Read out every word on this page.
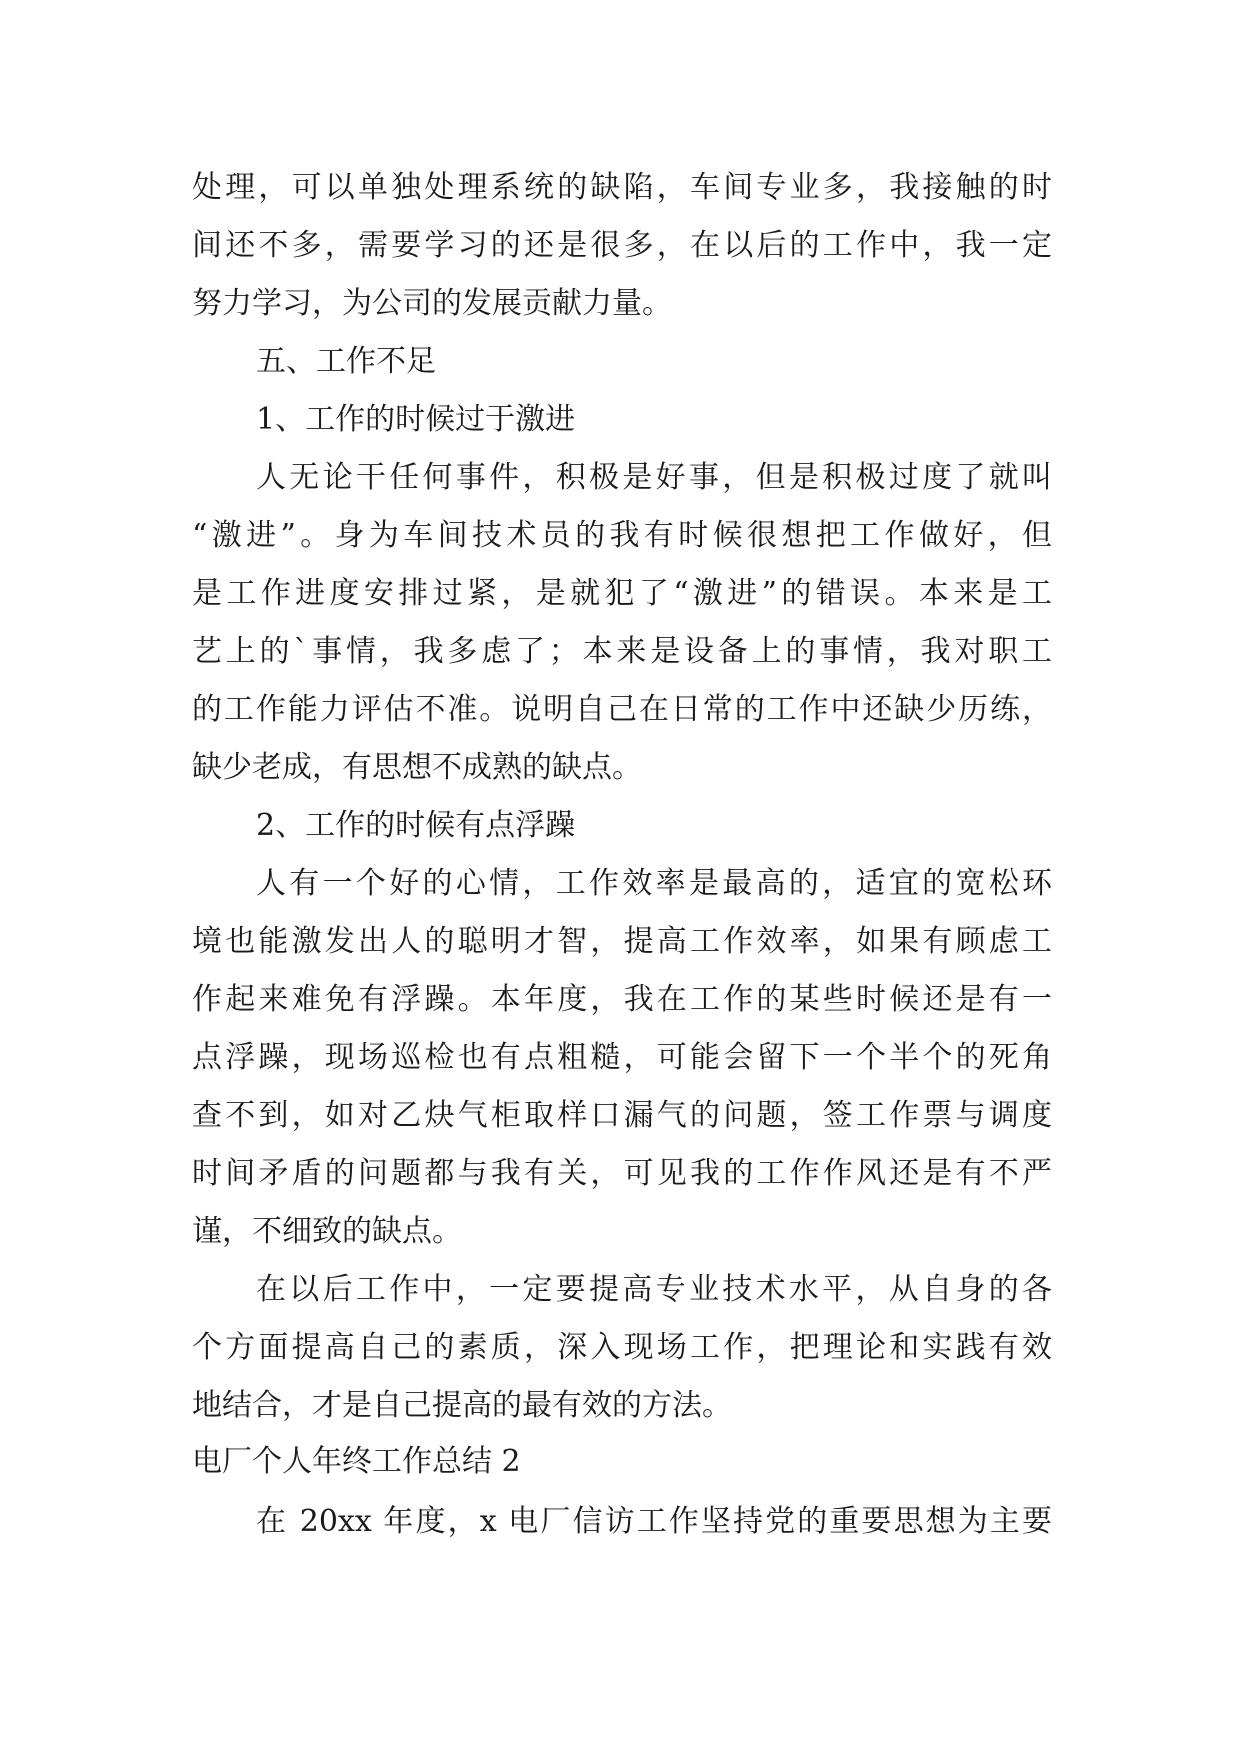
处理，可以单独处理系统的缺陷，车间专业多，我接触的时
间还不多，需要学习的还是很多，在以后的工作中，我一定
努力学习，为公司的发展贡献力量。
五、工作不足
1、工作的时候过于激进
人无论干任何事件，积极是好事，但是积极过度了就叫
“激进”。身为车间技术员的我有时候很想把工作做好，但
是工作进度安排过紧，是就犯了“激进”的错误。本来是工
艺上的`事情，我多虑了；本来是设备上的事情，我对职工
的工作能力评估不准。说明自己在日常的工作中还缺少历练，
缺少老成，有思想不成熟的缺点。
2、工作的时候有点浮躁
人有一个好的心情，工作效率是最高的，适宜的宽松环
境也能激发出人的聪明才智，提高工作效率，如果有顾虑工
作起来难免有浮躁。本年度，我在工作的某些时候还是有一
点浮躁，现场巡检也有点粗糙，可能会留下一个半个的死角
查不到，如对乙炔气柜取样口漏气的问题，签工作票与调度
时间矛盾的问题都与我有关，可见我的工作作风还是有不严
谨，不细致的缺点。
在以后工作中，一定要提高专业技术水平，从自身的各
个方面提高自己的素质，深入现场工作，把理论和实践有效
地结合，才是自己提高的最有效的方法。
电厂个人年终工作总结 2
在 20xx 年度，x 电厂信访工作坚持党的重要思想为主要
